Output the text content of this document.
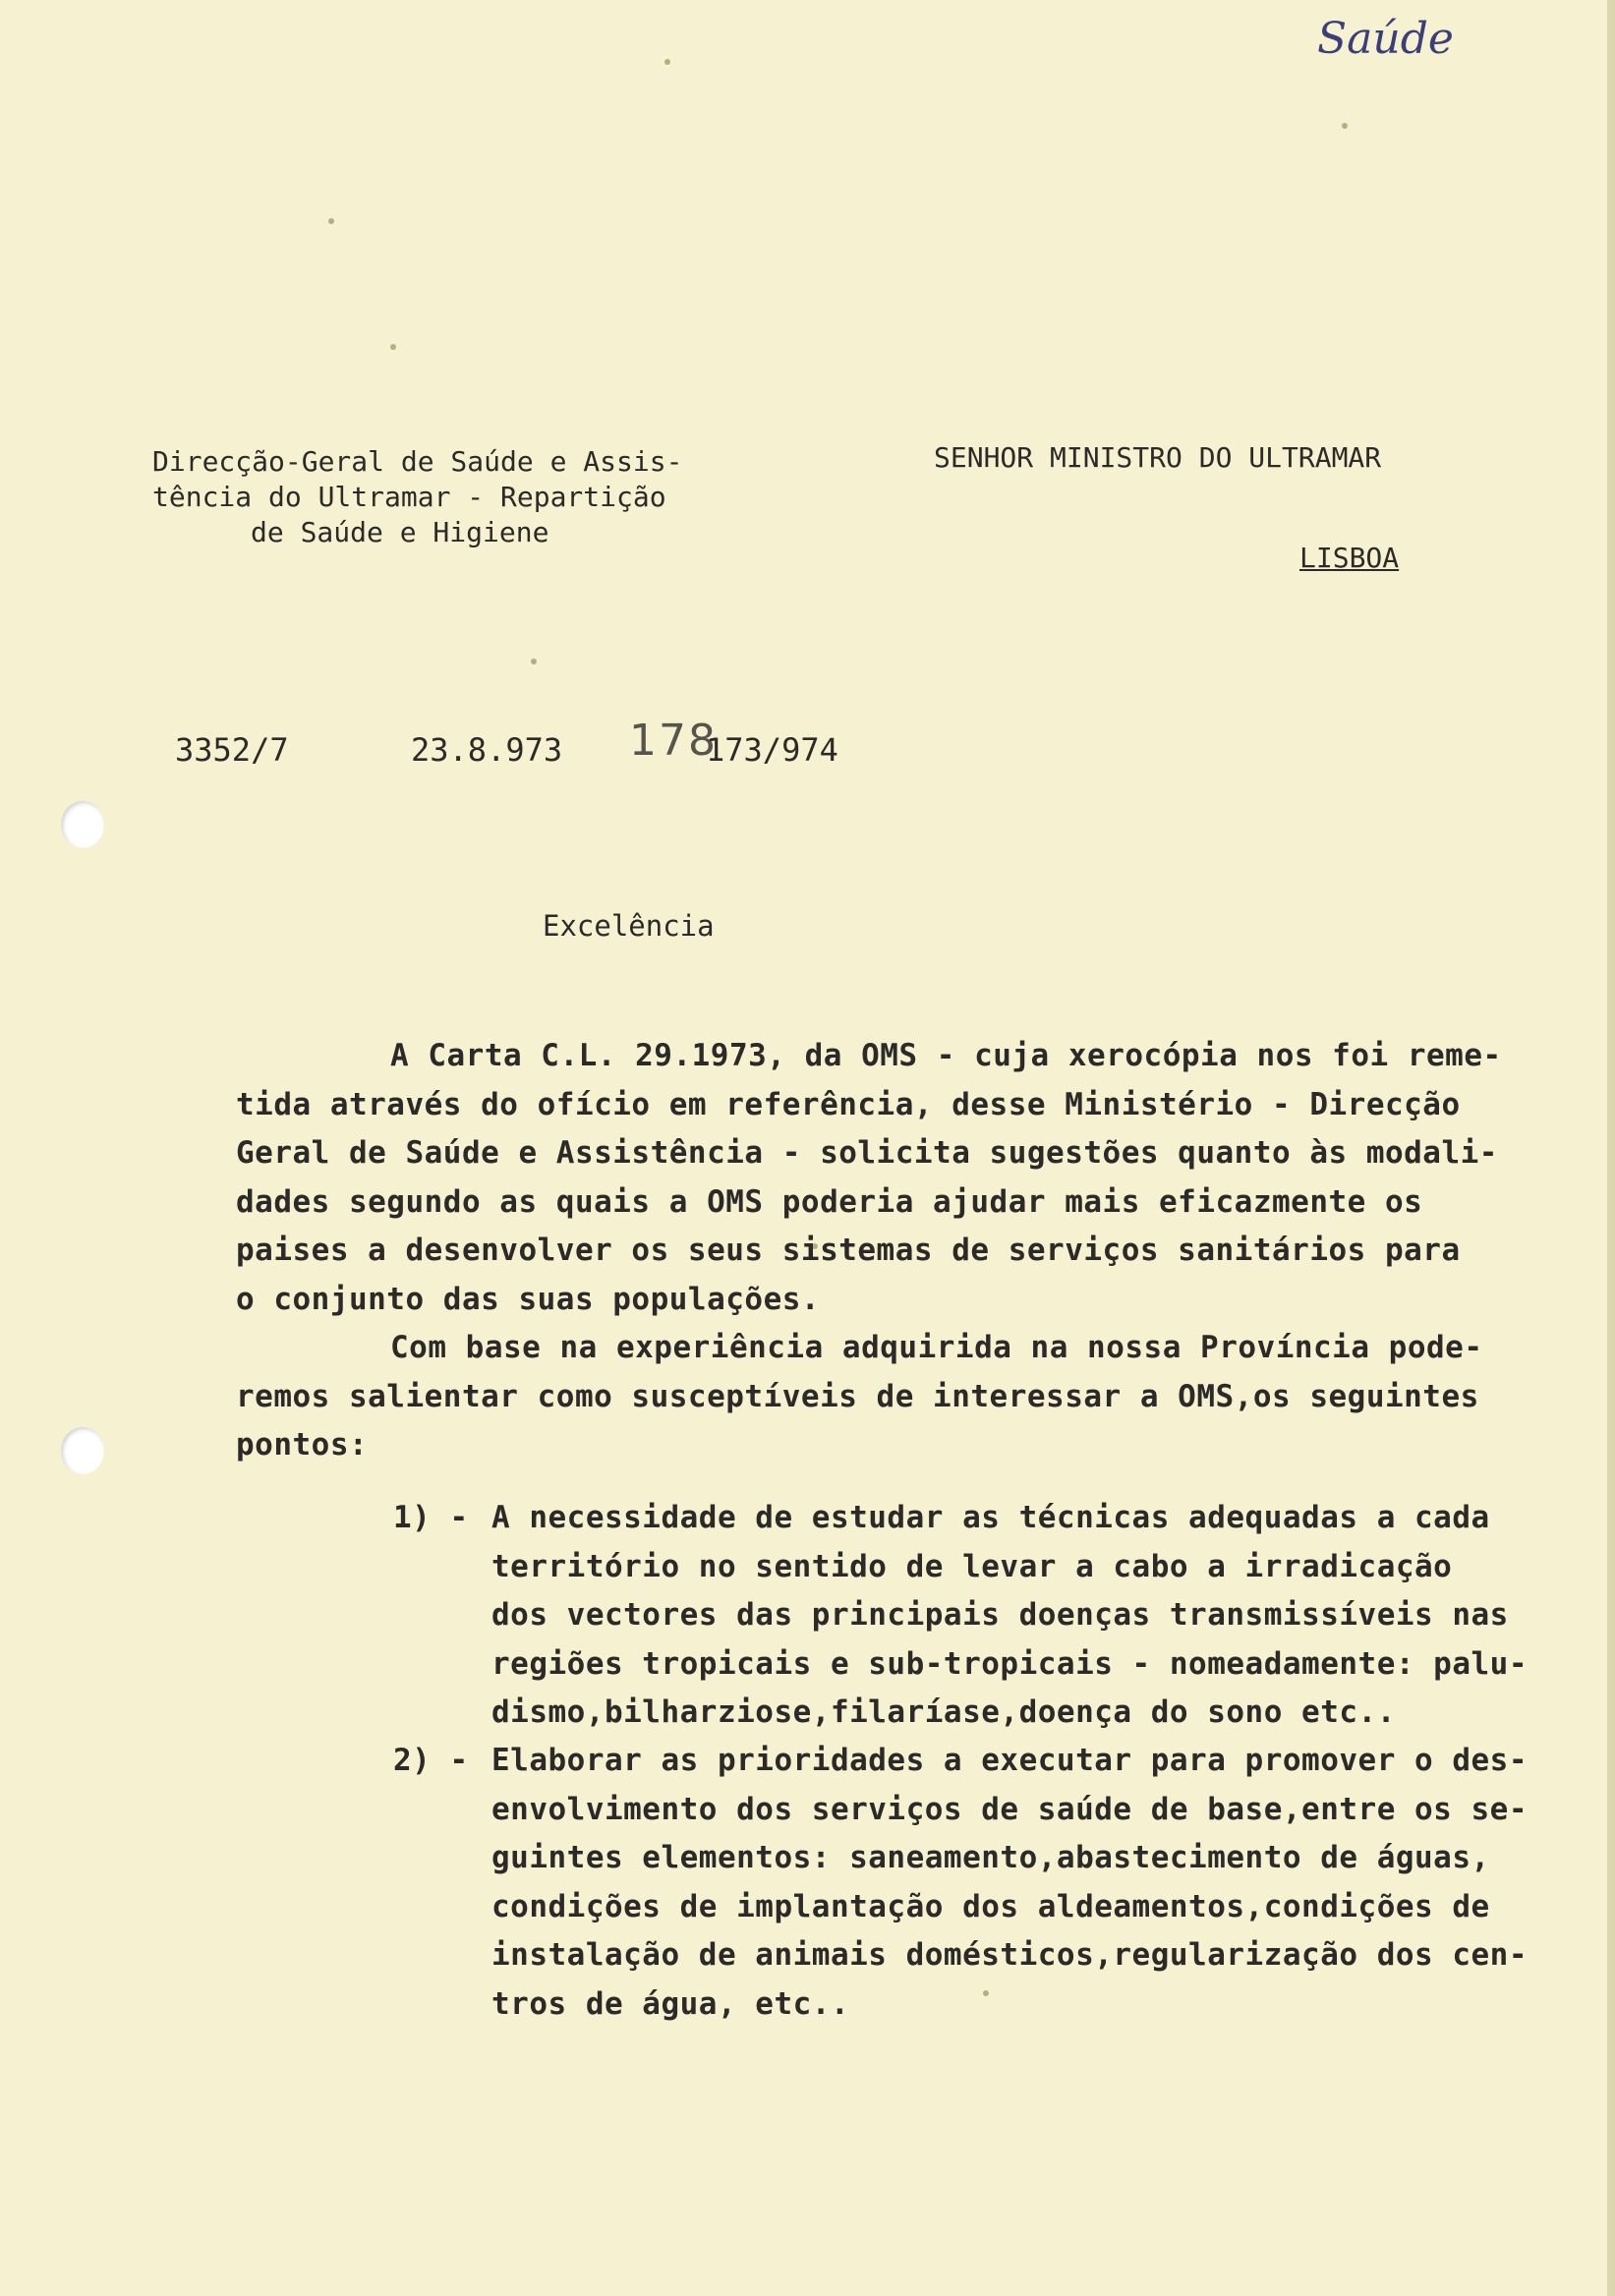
Saúde
Direcção-Geral de Saúde e Assis-
tência do Ultramar - Repartição
de Saúde e Higiene
SENHOR MINISTRO DO ULTRAMAR
LISBOA
3352/7	23.8.973 178
173/974
Excelência
A Carta C.L. 29.1973, da OMS - cuja xerocópia nos foi reme-
tida através do ofício em referência, desse Ministério - Direcção
Geral de Saúde e Assistência - solicita sugestões quanto às modali-
dades segundo as quais a OMS poderia ajudar mais eficazmente os
paises a desenvolver os seus sistemas de serviços sanitários para
o conjunto das suas populações.
Com base na experiência adquirida na nossa Província pode-
remos salientar como susceptíveis de interessar a OMS,os seguintes
pontos:
1) - A necessidade de estudar as técnicas adequadas a cada
território no sentido de levar a cabo a irradicação
dos vectores das principais doenças transmissíveis nas
regiões tropicais e sub-tropicais - nomeadamente: palu-
dismo,bilharziose,filaríase,doença do sono etc..
2) - Elaborar as prioridades a executar para promover o des-
envolvimento dos serviços de saúde de base,entre os se-
guintes elementos: saneamento,abastecimento de águas,
condições de implantação dos aldeamentos,condições de
instalação de animais domésticos,regularização dos cen-
tros de água, etc..
